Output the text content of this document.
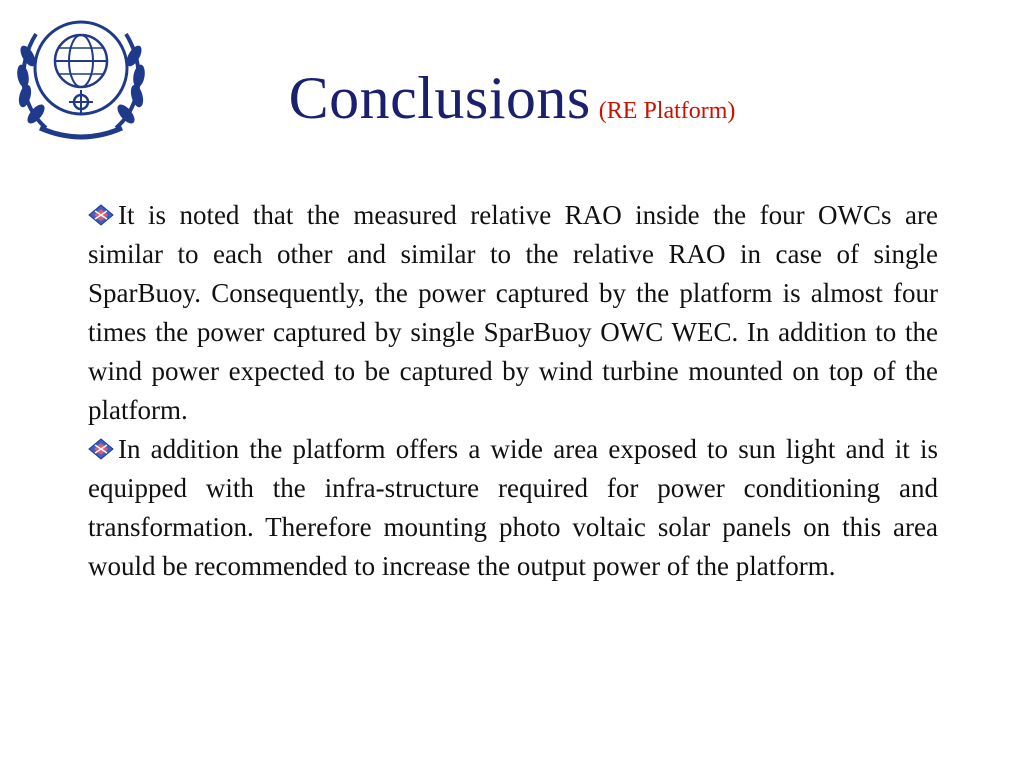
Conclusions (RE Platform)

It is noted that the measured relative RAO inside the four OWCs are similar to each other and similar to the relative RAO in case of single SparBuoy. Consequently, the power captured by the platform is almost four times the power captured by single SparBuoy OWC WEC. In addition to the wind power expected to be captured by wind turbine mounted on top of the platform.

In addition the platform offers a wide area exposed to sun light and it is equipped with the infra-structure required for power conditioning and transformation. Therefore mounting photo voltaic solar panels on this area would be recommended to increase the output power of the platform.
